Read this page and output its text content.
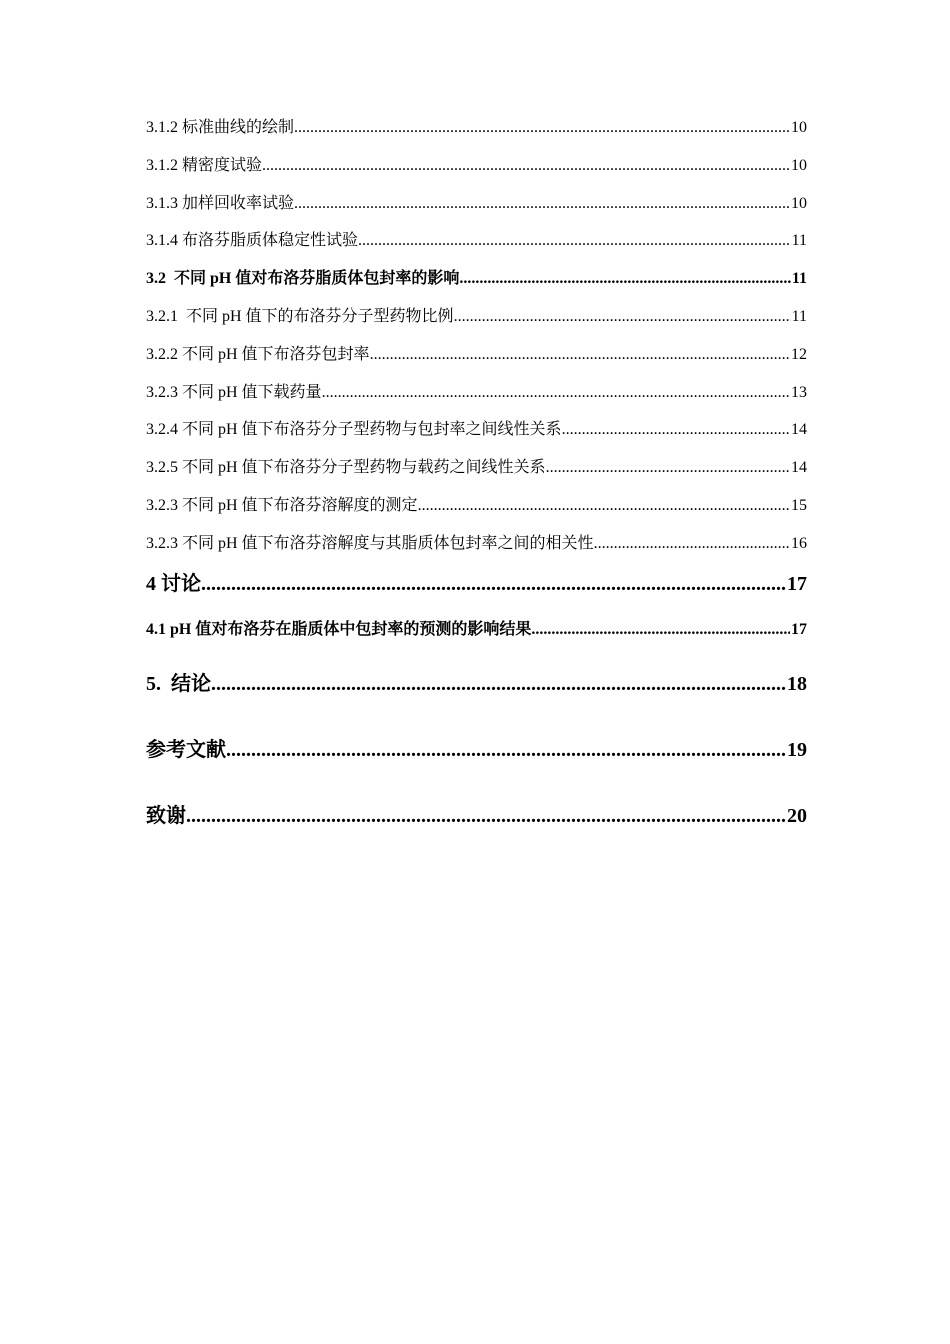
3.1.2 标准曲线的绘制 .....	10
3.1.2 精密度试验 .....	10
3.1.3 加样回收率试验 .....	10
3.1.4 布洛芬脂质体稳定性试验 .....	11
3.2  不同 pH 值对布洛芬脂质体包封率的影响 .....	11
3.2.1  不同 pH 值下的布洛芬分子型药物比例 .....	11
3.2.2 不同 pH 值下布洛芬包封率 .....	12
3.2.3 不同 pH 值下载药量 .....	13
3.2.4 不同 pH 值下布洛芬分子型药物与包封率之间线性关系 .....	14
3.2.5 不同 pH 值下布洛芬分子型药物与载药之间线性关系 .....	14
3.2.3 不同 pH 值下布洛芬溶解度的测定 .....	15
3.2.3 不同 pH 值下布洛芬溶解度与其脂质体包封率之间的相关性 .....	16
4 讨论 .....	17
4.1 pH 值对布洛芬在脂质体中包封率的预测的影响结果 .....	17
5.  结论 .....	18
参考文献 .....	19
致谢 .....	20
